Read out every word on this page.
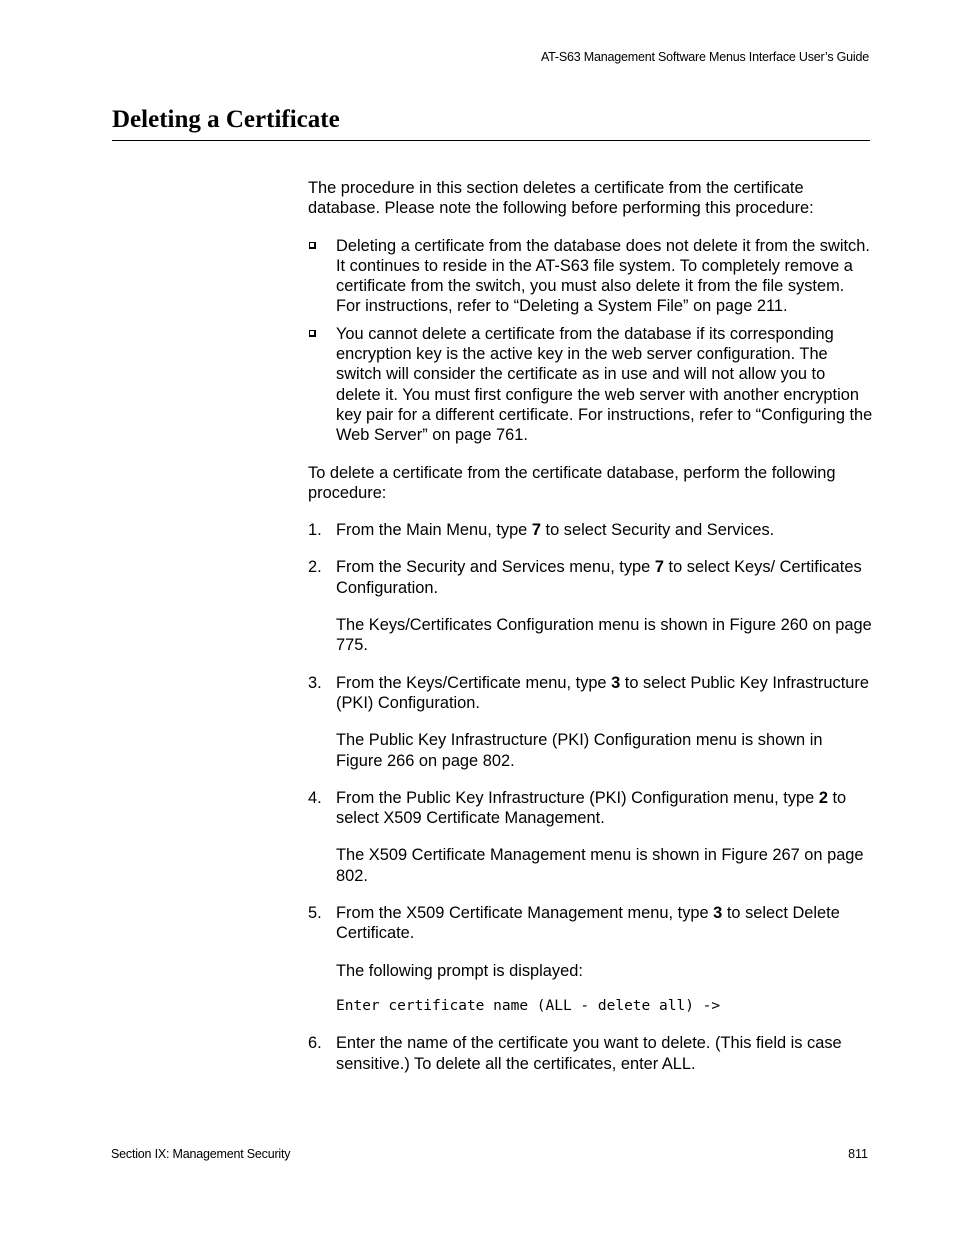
AT-S63 Management Software Menus Interface User’s Guide
Deleting a Certificate

The procedure in this section deletes a certificate from the certificate database. Please note the following before performing this procedure:

Deleting a certificate from the database does not delete it from the switch. It continues to reside in the AT-S63 file system. To completely remove a certificate from the switch, you must also delete it from the file system. For instructions, refer to “Deleting a System File” on page 211.
You cannot delete a certificate from the database if its corresponding encryption key is the active key in the web server configuration. The switch will consider the certificate as in use and will not allow you to delete it. You must first configure the web server with another encryption key pair for a different certificate. For instructions, refer to “Configuring the Web Server” on page 761.

To delete a certificate from the certificate database, perform the following procedure:

1. From the Main Menu, type 7 to select Security and Services.

2. From the Security and Services menu, type 7 to select Keys/ Certificates Configuration.

The Keys/Certificates Configuration menu is shown in Figure 260 on page 775.

3. From the Keys/Certificate menu, type 3 to select Public Key Infrastructure (PKI) Configuration.

The Public Key Infrastructure (PKI) Configuration menu is shown in Figure 266 on page 802.

4. From the Public Key Infrastructure (PKI) Configuration menu, type 2 to select X509 Certificate Management.

The X509 Certificate Management menu is shown in Figure 267 on page 802.

5. From the X509 Certificate Management menu, type 3 to select Delete Certificate.

The following prompt is displayed:

Enter certificate name (ALL - delete all) ->

6. Enter the name of the certificate you want to delete. (This field is case sensitive.) To delete all the certificates, enter ALL.

Section IX: Management Security	811
